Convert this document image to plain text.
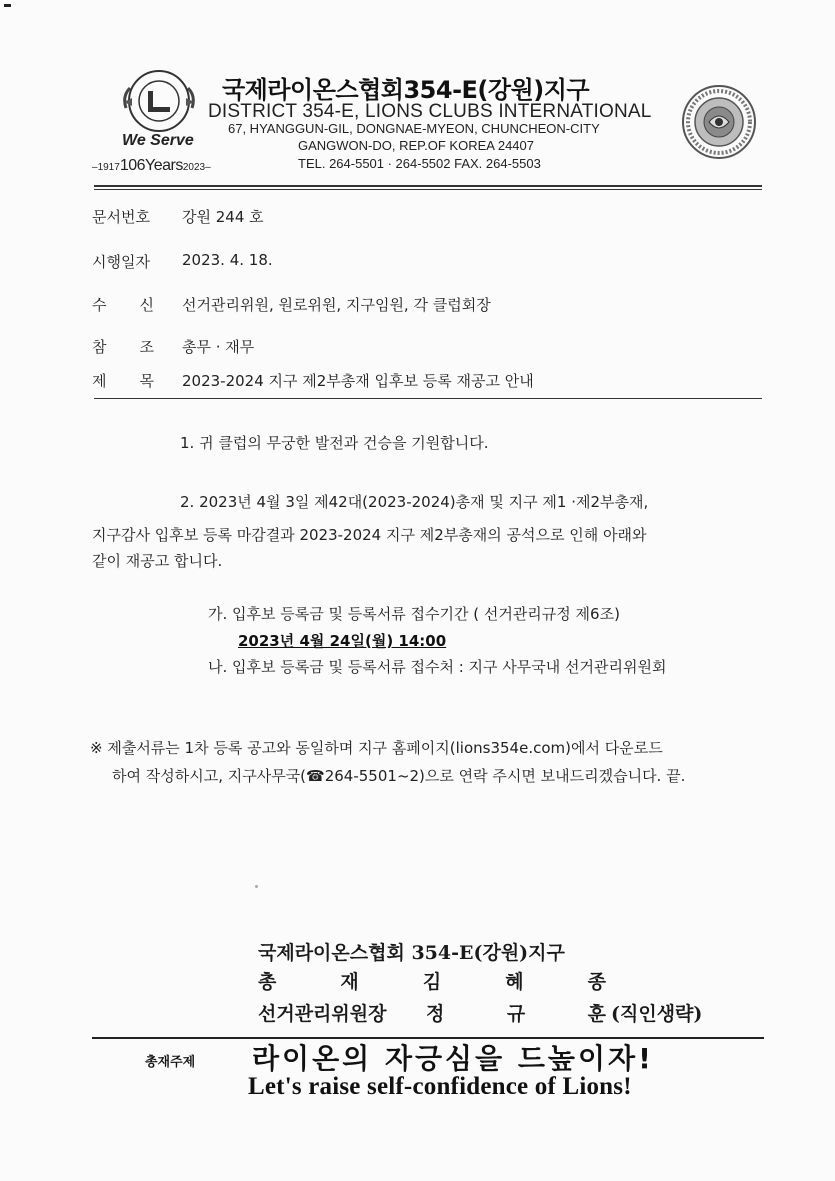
We Serve
–1917106Years2023–
국제라이온스협회354-E(강원)지구
DISTRICT 354-E, LIONS CLUBS INTERNATIONAL
67, HYANGGUN-GIL, DONGNAE-MYEON, CHUNCHEON-CITY
GANGWON-DO, REP.OF KOREA 24407
TEL. 264-5501 · 264-5502 FAX. 264-5503
문서번호 강원 244 호
시행일자 2023. 4. 18.
수 신 선거관리위원, 원로위원, 지구임원, 각 클럽회장
참 조 총무 · 재무
제 목 2023-2024 지구 제2부총재 입후보 등록 재공고 안내
1. 귀 클럽의 무궁한 발전과 건승을 기원합니다.
2. 2023년 4월 3일 제42대(2023-2024)총재 및 지구 제1 ·제2부총재,
지구감사 입후보 등록 마감결과 2023-2024 지구 제2부총재의 공석으로 인해 아래와
같이 재공고 합니다.
가. 입후보 등록금 및 등록서류 접수기간 ( 선거관리규정 제6조)
2023년 4월 24일(월) 14:00
나. 입후보 등록금 및 등록서류 접수처 : 지구 사무국내 선거관리위원회
※ 제출서류는 1차 등록 공고와 동일하며 지구 홈페이지(lions354e.com)에서 다운로드
하여 작성하시고, 지구사무국(☎264-5501~2)으로 연락 주시면 보내드리겠습니다. 끝.
국제라이온스협회 354-E(강원)지구
총	재	김	혜	종
선거관리위원장 정	규	훈 (직인생략)
총재주제 라이온의 자긍심을 드높이자!
Let's raise self-confidence of Lions!
